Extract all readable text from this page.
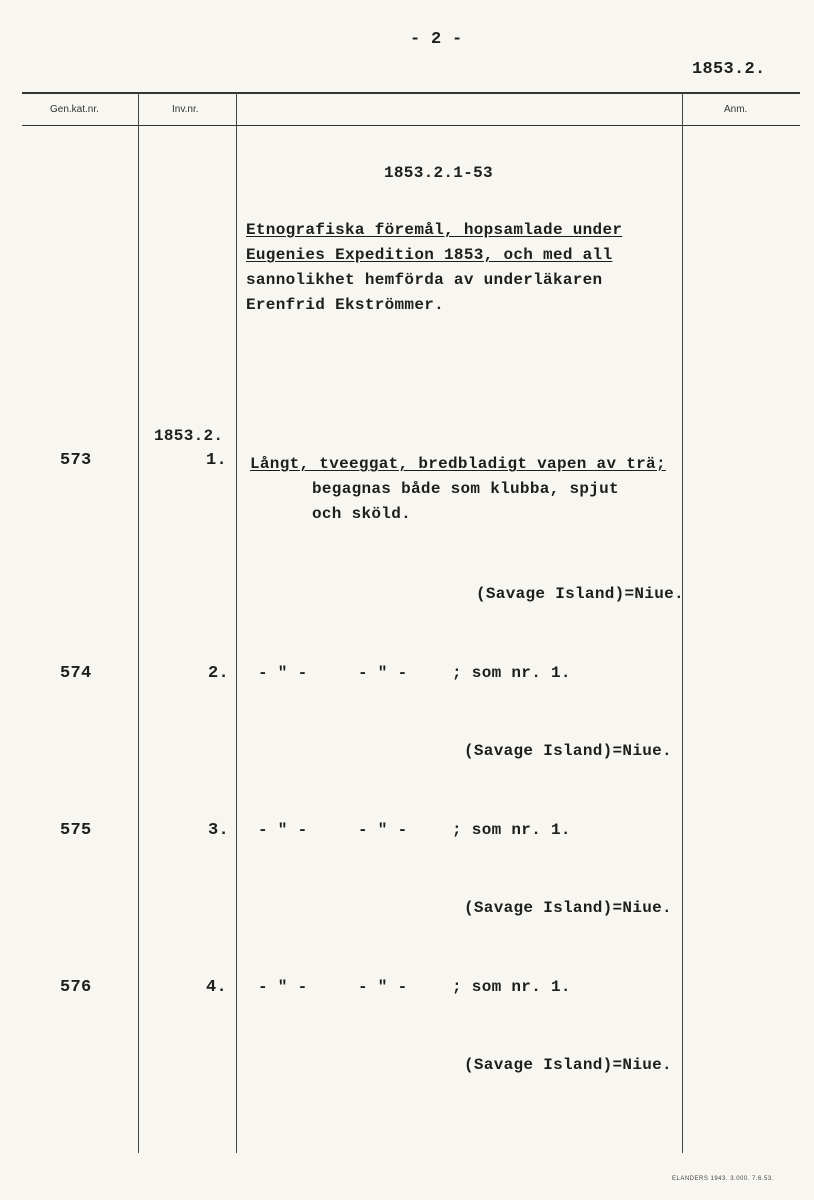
- 2 -
1853.2.
Gen.kat.nr.	Inv.nr.	Anm.
1853.2.1-53
Etnografiska föremål, hopsamlade under
Eugenies Expedition 1853, och med all
sannolikhet hemförda av underläkaren
Erenfrid Ekströmmer.
1853.2.
573	1. Långt, tveeggat, bredbladigt vapen av trä;
begagnas både som klubba, spjut
och sköld.
(Savage Island)=Niue.
574	2. - " -	- " -	; som nr. 1.
(Savage Island)=Niue.
575	3. - " -	- " -	; som nr. 1.
(Savage Island)=Niue.
576	4. - " -	- " -	; som nr. 1.
(Savage Island)=Niue.
ELANDERS 1943. 3.000. 7.6.53.
